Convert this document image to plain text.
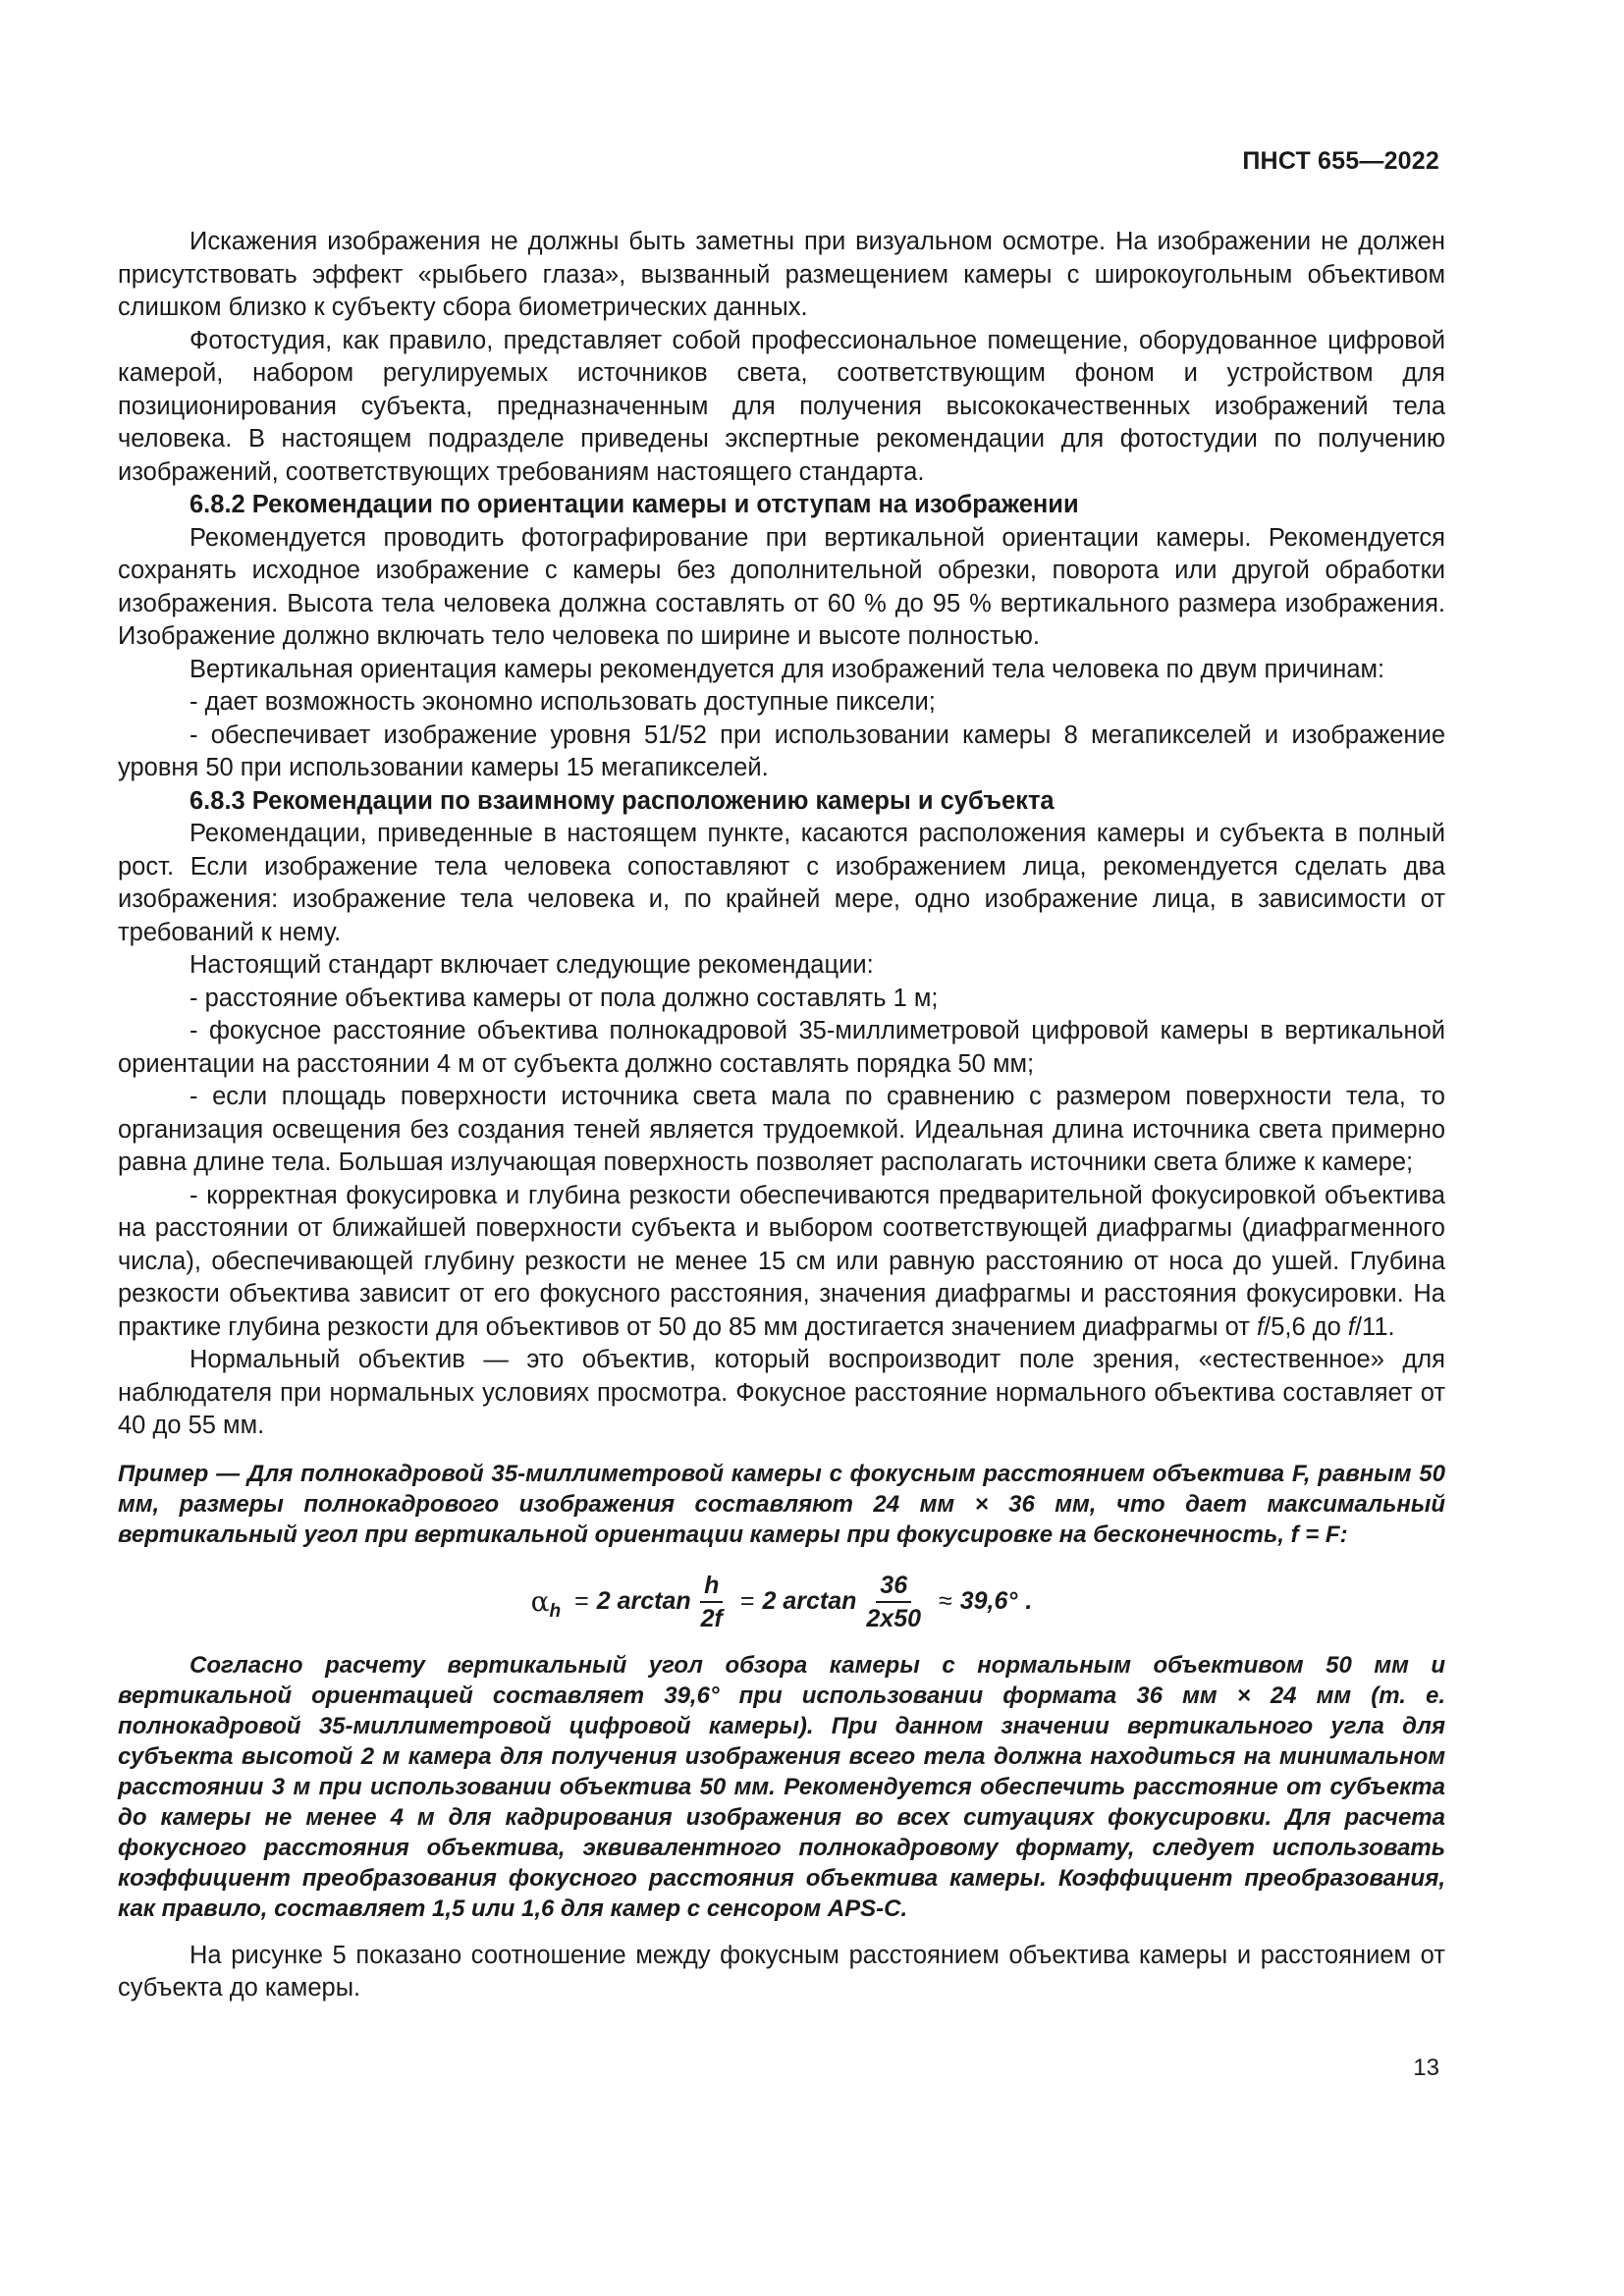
ПНСТ 655—2022

Искажения изображения не должны быть заметны при визуальном осмотре. На изображении не должен присутствовать эффект «рыбьего глаза», вызванный размещением камеры с широкоугольным объективом слишком близко к субъекту сбора биометрических данных.

Фотостудия, как правило, представляет собой профессиональное помещение, оборудованное цифровой камерой, набором регулируемых источников света, соответствующим фоном и устройством для позиционирования субъекта, предназначенным для получения высококачественных изображений тела человека. В настоящем подразделе приведены экспертные рекомендации для фотостудии по получению изображений, соответствующих требованиям настоящего стандарта.

6.8.2 Рекомендации по ориентации камеры и отступам на изображении

Рекомендуется проводить фотографирование при вертикальной ориентации камеры. Рекомендуется сохранять исходное изображение с камеры без дополнительной обрезки, поворота или другой обработки изображения. Высота тела человека должна составлять от 60 % до 95 % вертикального размера изображения. Изображение должно включать тело человека по ширине и высоте полностью.

Вертикальная ориентация камеры рекомендуется для изображений тела человека по двум причинам:

- дает возможность экономно использовать доступные пиксели;

- обеспечивает изображение уровня 51/52 при использовании камеры 8 мегапикселей и изображение уровня 50 при использовании камеры 15 мегапикселей.

6.8.3 Рекомендации по взаимному расположению камеры и субъекта

Рекомендации, приведенные в настоящем пункте, касаются расположения камеры и субъекта в полный рост. Если изображение тела человека сопоставляют с изображением лица, рекомендуется сделать два изображения: изображение тела человека и, по крайней мере, одно изображение лица, в зависимости от требований к нему.

Настоящий стандарт включает следующие рекомендации:

- расстояние объектива камеры от пола должно составлять 1 м;

- фокусное расстояние объектива полнокадровой 35-миллиметровой цифровой камеры в вертикальной ориентации на расстоянии 4 м от субъекта должно составлять порядка 50 мм;

- если площадь поверхности источника света мала по сравнению с размером поверхности тела, то организация освещения без создания теней является трудоемкой. Идеальная длина источника света примерно равна длине тела. Большая излучающая поверхность позволяет располагать источники света ближе к камере;

- корректная фокусировка и глубина резкости обеспечиваются предварительной фокусировкой объектива на расстоянии от ближайшей поверхности субъекта и выбором соответствующей диафрагмы (диафрагменного числа), обеспечивающей глубину резкости не менее 15 см или равную расстоянию от носа до ушей. Глубина резкости объектива зависит от его фокусного расстояния, значения диафрагмы и расстояния фокусировки. На практике глубина резкости для объективов от 50 до 85 мм достигается значением диафрагмы от f/5,6 до f/11.

Нормальный объектив — это объектив, который воспроизводит поле зрения, «естественное» для наблюдателя при нормальных условиях просмотра. Фокусное расстояние нормального объектива составляет от 40 до 55 мм.

Пример — Для полнокадровой 35-миллиметровой камеры с фокусным расстоянием объектива F, равным 50 мм, размеры полнокадрового изображения составляют 24 мм × 36 мм, что дает максимальный вертикальный угол при вертикальной ориентации камеры при фокусировке на бесконечность, f = F:

α h = 2 $\arctan \frac{h}{2f} = 2$ $\arctan \frac{36}{2x50} \approx 39,6^\circ$ .

Согласно расчету вертикальный угол обзора камеры с нормальным объективом 50 мм и вертикальной ориентацией составляет 39,6° при использовании формата 36 мм × 24 мм (т. е. полнокадровой 35-миллиметровой цифровой камеры). При данном значении вертикального угла для субъекта высотой 2 м камера для получения изображения всего тела должна находиться на минимальном расстоянии 3 м при использовании объектива 50 мм. Рекомендуется обеспечить расстояние от субъекта до камеры не менее 4 м для кадрирования изображения во всех ситуациях фокусировки. Для расчета фокусного расстояния объектива, эквивалентного полнокадровому формату, следует использовать коэффициент преобразования фокусного расстояния объектива камеры. Коэффициент преобразования, как правило, составляет 1,5 или 1,6 для камер с сенсором APS-C.

На рисунке 5 показано соотношение между фокусным расстоянием объектива камеры и расстоянием от субъекта до камеры.

13
